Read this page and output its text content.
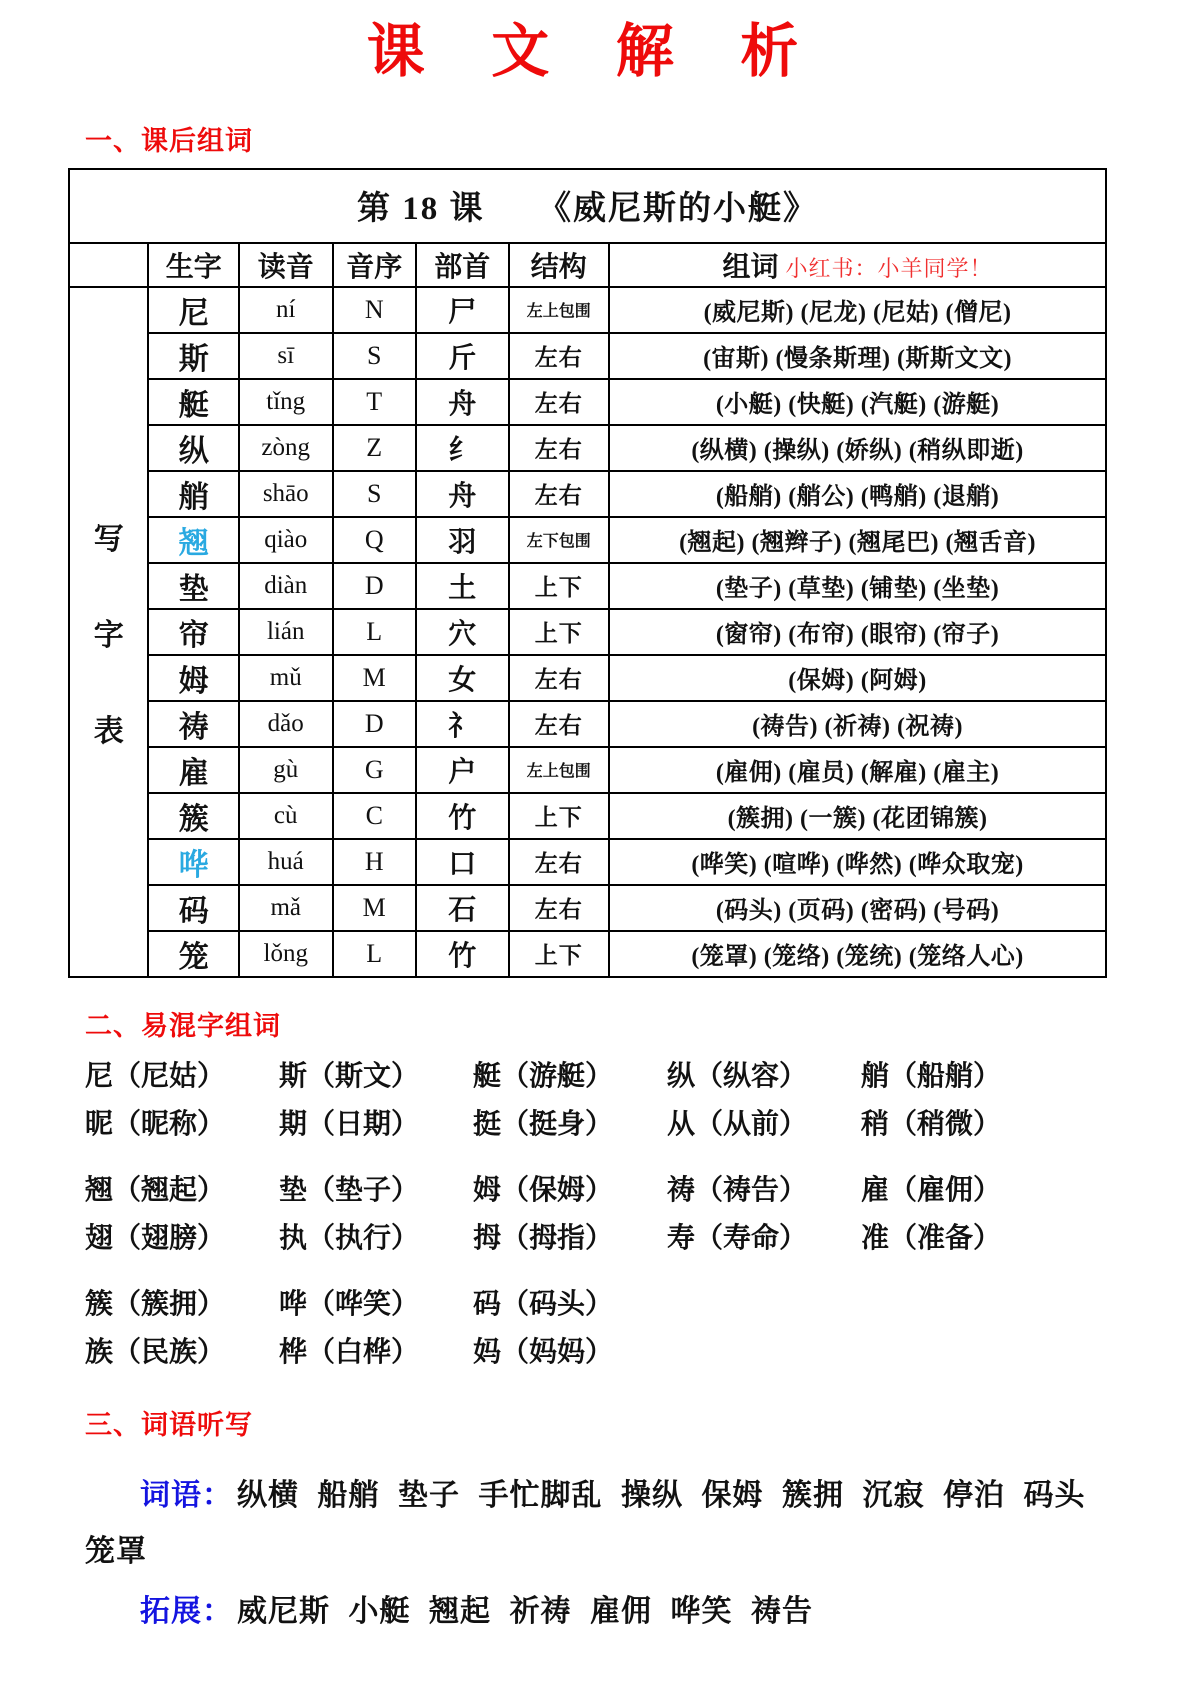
课 文 解 析
一、课后组词
第 18 课　　《威尼斯的小艇》						
	生字	读音	音序	部首	结构	组词 小红书：小羊同学！

写
字
表	尼	ní	N	尸	左上包围	(威尼斯) (尼龙) (尼姑) (僧尼)
	斯	sī	S	斤	左右	(宙斯) (慢条斯理) (斯斯文文)
	艇	tǐng	T	舟	左右	(小艇) (快艇) (汽艇) (游艇)
	纵	zòng	Z	纟	左右	(纵横) (操纵) (娇纵) (稍纵即逝)
	艄	shāo	S	舟	左右	(船艄) (艄公) (鸭艄) (退艄)
	翘	qiào	Q	羽	左下包围	(翘起) (翘辫子) (翘尾巴) (翘舌音)
	垫	diàn	D	土	上下	(垫子) (草垫) (铺垫) (坐垫)
	帘	lián	L	穴	上下	(窗帘) (布帘) (眼帘) (帘子)
	姆	mǔ	M	女	左右	(保姆) (阿姆)
	祷	dǎo	D	礻	左右	(祷告) (祈祷) (祝祷)
	雇	gù	G	户	左上包围	(雇佣) (雇员) (解雇) (雇主)
	簇	cù	C	竹	上下	(簇拥) (一簇) (花团锦簇)
	哗	huá	H	口	左右	(哗笑) (喧哗) (哗然) (哗众取宠)
	码	mǎ	M	石	左右	(码头) (页码) (密码) (号码)
	笼	lǒng	L	竹	上下	(笼罩) (笼络) (笼统) (笼络人心)
二、易混字组词
尼（尼姑）	斯（斯文）	艇（游艇）	纵（纵容）	艄（船艄）
昵（昵称）	期（日期）	挺（挺身）	从（从前）	稍（稍微）
翘（翘起）	垫（垫子）	姆（保姆）	祷（祷告）	雇（雇佣）
翅（翅膀）	执（执行）	拇（拇指）	寿（寿命）	准（准备）
簇（簇拥）	哗（哗笑）	码（码头）
族（民族）	桦（白桦）	妈（妈妈）
三、词语听写
词语： 纵横 船艄 垫子 手忙脚乱 操纵 保姆 簇拥 沉寂 停泊 码头
笼罩
拓展： 威尼斯 小艇 翘起 祈祷 雇佣 哗笑 祷告
